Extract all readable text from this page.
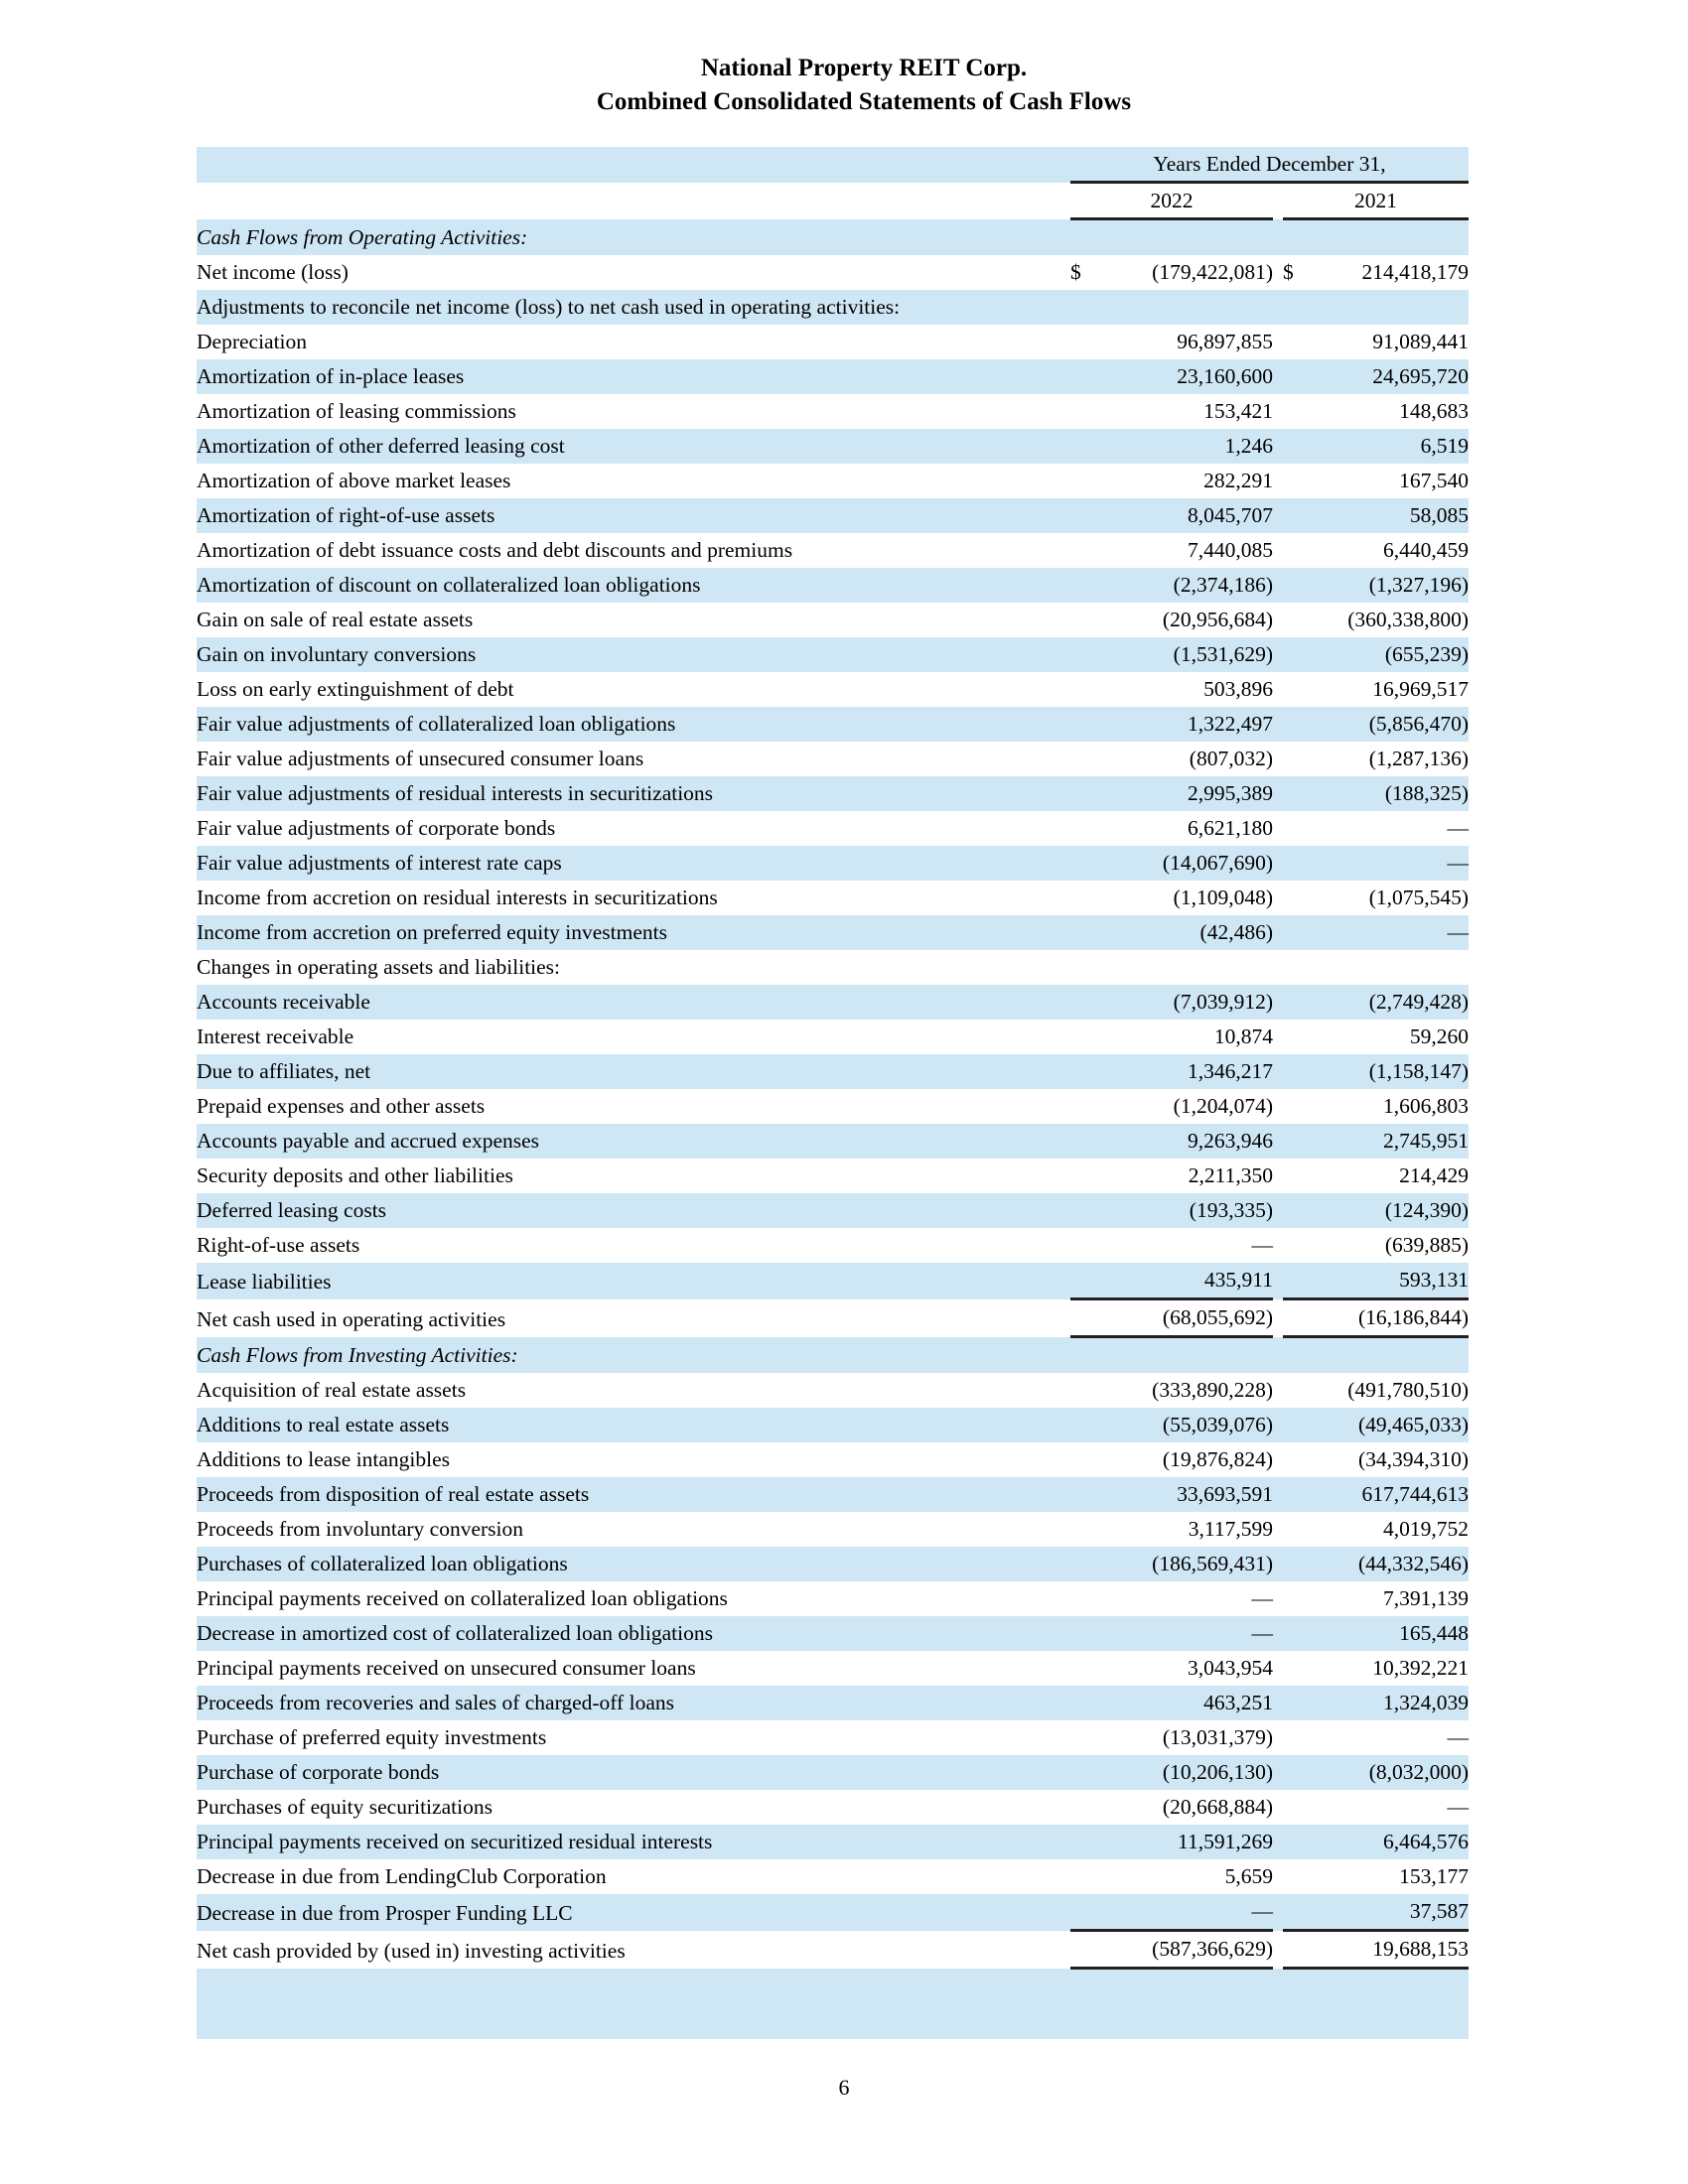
National Property REIT Corp.
Combined Consolidated Statements of Cash Flows
	Years Ended December 31,				
	2022			2021	
Cash Flows from Operating Activities:					
Net income (loss)	$	(179,422,081)		$	214,418,179
Adjustments to reconcile net income (loss) to net cash used in operating activities:					
Depreciation		96,897,855			91,089,441
Amortization of in-place leases		23,160,600			24,695,720
Amortization of leasing commissions		153,421			148,683
Amortization of other deferred leasing cost		1,246			6,519
Amortization of above market leases		282,291			167,540
Amortization of right-of-use assets		8,045,707			58,085
Amortization of debt issuance costs and debt discounts and premiums		7,440,085			6,440,459
Amortization of discount on collateralized loan obligations		(2,374,186)			(1,327,196)
Gain on sale of real estate assets		(20,956,684)			(360,338,800)
Gain on involuntary conversions		(1,531,629)			(655,239)
Loss on early extinguishment of debt		503,896			16,969,517
Fair value adjustments of collateralized loan obligations		1,322,497			(5,856,470)
Fair value adjustments of unsecured consumer loans		(807,032)			(1,287,136)
Fair value adjustments of residual interests in securitizations		2,995,389			(188,325)
Fair value adjustments of corporate bonds		6,621,180			—
Fair value adjustments of interest rate caps		(14,067,690)			—
Income from accretion on residual interests in securitizations		(1,109,048)			(1,075,545)
Income from accretion on preferred equity investments		(42,486)			—
Changes in operating assets and liabilities:					
Accounts receivable		(7,039,912)			(2,749,428)
Interest receivable		10,874			59,260
Due to affiliates, net		1,346,217			(1,158,147)
Prepaid expenses and other assets		(1,204,074)			1,606,803
Accounts payable and accrued expenses		9,263,946			2,745,951
Security deposits and other liabilities		2,211,350			214,429
Deferred leasing costs		(193,335)			(124,390)
Right-of-use assets		—			(639,885)
Lease liabilities		435,911			593,131
Net cash used in operating activities		(68,055,692)			(16,186,844)
Cash Flows from Investing Activities:					
Acquisition of real estate assets		(333,890,228)			(491,780,510)
Additions to real estate assets		(55,039,076)			(49,465,033)
Additions to lease intangibles		(19,876,824)			(34,394,310)
Proceeds from disposition of real estate assets		33,693,591			617,744,613
Proceeds from involuntary conversion		3,117,599			4,019,752
Purchases of collateralized loan obligations		(186,569,431)			(44,332,546)
Principal payments received on collateralized loan obligations		—			7,391,139
Decrease in amortized cost of collateralized loan obligations		—			165,448
Principal payments received on unsecured consumer loans		3,043,954			10,392,221
Proceeds from recoveries and sales of charged-off loans		463,251			1,324,039
Purchase of preferred equity investments		(13,031,379)			—
Purchase of corporate bonds		(10,206,130)			(8,032,000)
Purchases of equity securitizations		(20,668,884)			—
Principal payments received on securitized residual interests		11,591,269			6,464,576
Decrease in due from LendingClub Corporation		5,659			153,177
Decrease in due from Prosper Funding LLC		—			37,587
Net cash provided by (used in) investing activities		(587,366,629)			19,688,153

6
